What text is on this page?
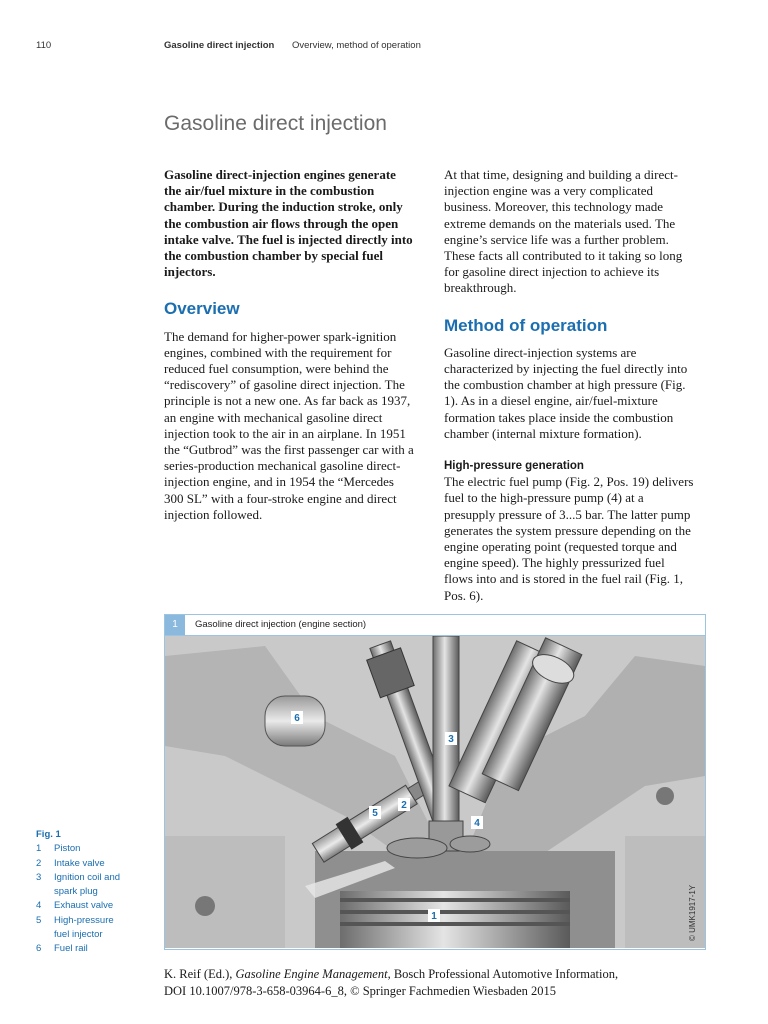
110	Gasoline direct injection Overview, method of operation
Gasoline direct injection

Gasoline direct-injection engines generate the air/fuel mixture in the combustion chamber. During the induction stroke, only the combustion air flows through the open intake valve. The fuel is injected directly into the combustion chamber by special fuel injectors.

Overview

The demand for higher-power spark-ignition engines, combined with the requirement for reduced fuel consumption, were behind the “rediscovery” of gasoline direct injection. The principle is not a new one. As far back as 1937, an engine with mechanical gasoline direct injection took to the air in an airplane. In 1951 the “Gutbrod” was the first passenger car with a series-production mechanical gasoline direct-injection engine, and in 1954 the “Mercedes 300 SL” with a four-stroke engine and direct injection followed.

At that time, designing and building a direct-injection engine was a very complicated business. Moreover, this technology made extreme demands on the materials used. The engine’s service life was a further problem. These facts all contributed to it taking so long for gasoline direct injection to achieve its breakthrough.

Method of operation

Gasoline direct-injection systems are characterized by injecting the fuel directly into the combustion chamber at high pressure (Fig. 1). As in a diesel engine, air/fuel-mixture formation takes place inside the combustion chamber (internal mixture formation).

High-pressure generation

The electric fuel pump (Fig. 2, Pos. 19) delivers fuel to the high-pressure pump (4) at a presupply pressure of 3...5 bar. The latter pump generates the system pressure depending on the engine operating point (requested torque and engine speed). The highly pressurized fuel flows into and is stored in the fuel rail (Fig. 1, Pos. 6).

1	Gasoline direct injection (engine section)
6
3
2
5
4
1	© UMK1917-1Y
Fig. 1
1	Piston
2	Intake valve
3	Ignition coil and spark plug
4	Exhaust valve
5	High-pressure fuel injector
6	Fuel rail
K. Reif (Ed.), Gasoline Engine Management, Bosch Professional Automotive Information,
DOI 10.1007/978-3-658-03964-6_8, © Springer Fachmedien Wiesbaden 2015
